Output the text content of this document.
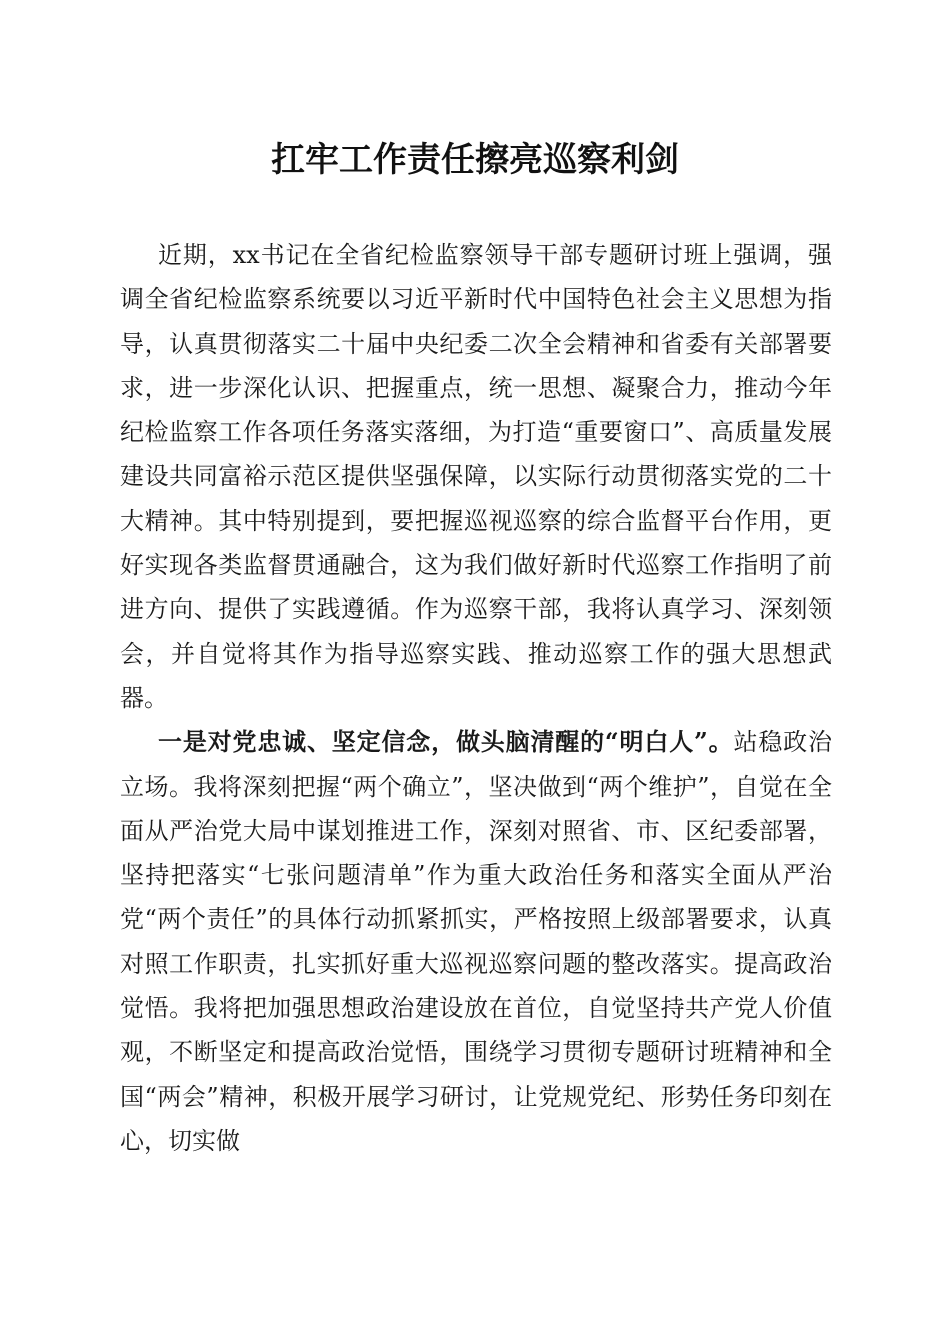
扛牢工作责任擦亮巡察利剑

近期，xx书记在全省纪检监察领导干部专题研讨班上强调，强调全省纪检监察系统要以习近平新时代中国特色社会主义思想为指导，认真贯彻落实二十届中央纪委二次全会精神和省委有关部署要求，进一步深化认识、把握重点，统一思想、凝聚合力，推动今年纪检监察工作各项任务落实落细，为打造“重要窗口”、高质量发展建设共同富裕示范区提供坚强保障，以实际行动贯彻落实党的二十大精神。其中特别提到，要把握巡视巡察的综合监督平台作用，更好实现各类监督贯通融合，这为我们做好新时代巡察工作指明了前进方向、提供了实践遵循。作为巡察干部，我将认真学习、深刻领会，并自觉将其作为指导巡察实践、推动巡察工作的强大思想武器。

一是对党忠诚、坚定信念，做头脑清醒的“明白人”。站稳政治立场。我将深刻把握“两个确立”，坚决做到“两个维护”，自觉在全面从严治党大局中谋划推进工作，深刻对照省、市、区纪委部署，坚持把落实“七张问题清单”作为重大政治任务和落实全面从严治党“两个责任”的具体行动抓紧抓实，严格按照上级部署要求，认真对照工作职责，扎实抓好重大巡视巡察问题的整改落实。提高政治觉悟。我将把加强思想政治建设放在首位，自觉坚持共产党人价值观，不断坚定和提高政治觉悟，围绕学习贯彻专题研讨班精神和全国“两会”精神，积极开展学习研讨，让党规党纪、形势任务印刻在心，切实做
